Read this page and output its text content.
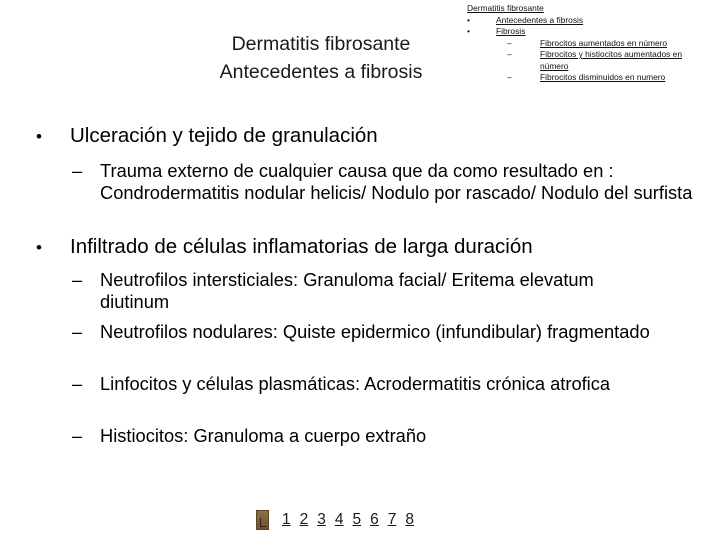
Dermatitis fibrosante
Antecedentes a fibrosis
Dermatitis fibrosante
•	Antecedentes a fibrosis
•	Fibrosis
–	Fibrocitos aumentados en número
–	Fibrocitos y histiocitos aumentados en número
–	Fibrocitos disminuidos en numero
•	Ulceración y tejido de granulación
– Trauma externo de cualquier causa que da como resultado en : Condrodermatitis nodular helicis/ Nodulo por rascado/ Nodulo del surfista
•	Infiltrado de células inflamatorias de larga duración
– Neutrofilos intersticiales: Granuloma facial/ Eritema elevatum diutinum
– Neutrofilos nodulares: Quiste epidermico (infundibular) fragmentado
– Linfocitos y células plasmáticas: Acrodermatitis crónica atrofica
– Histiocitos: Granuloma a cuerpo extraño
1 2 3 4 5 6 7 8
